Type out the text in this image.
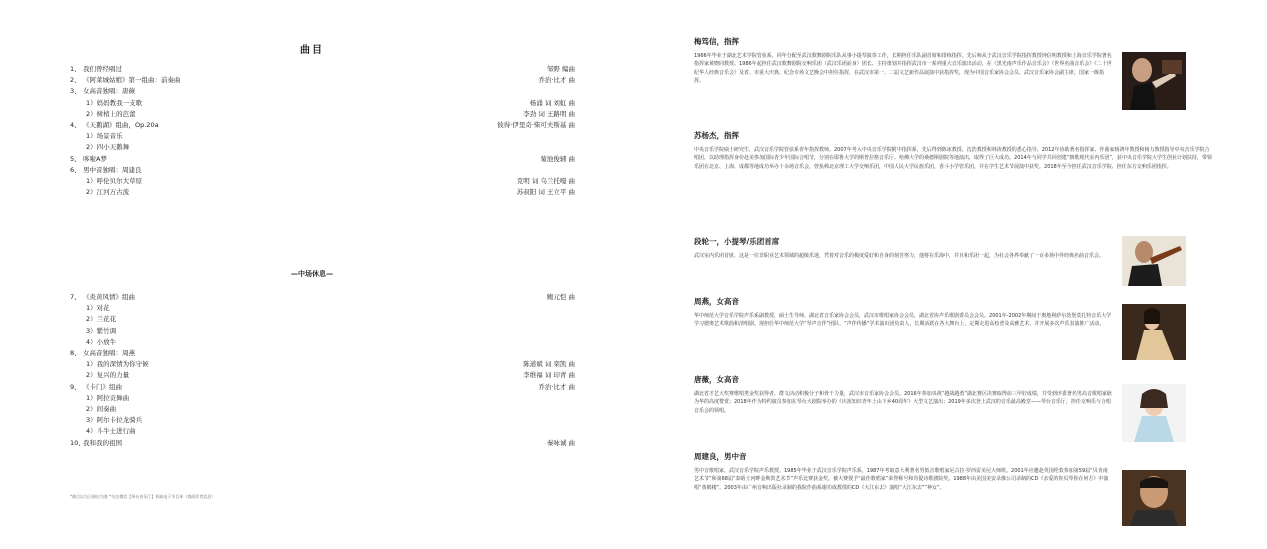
曲目
1、 我们曾经唱过	邹野 编曲
2、 《阿莱城姑娘》第一组曲：前奏曲	乔治·比才 曲
3、 女高音独唱：唐薇
1）妈妈教我一支歌	杨涌 词 刘虹 曲
2）树梢上的芭蕾	李劲 词 王路明 曲
4、 《天鹅湖》组曲，Op.20a	彼得·伊里奇·柴可夫斯基 曲
1）场景音乐
2）四小天鹅舞
5、 哆啦A梦	菊池俊辅 曲
6、 男中音独唱：周建良
1）呼伦贝尔大草原	克明 词 乌兰托嘎 曲
2）江河万古流	苏叔阳 词 王立平 曲
—中场休息—
7、 《炎黄风情》组曲	鲍元恺 曲
1）对花
2）兰花花
3）紫竹调
4）小放牛
8、 女高音独唱：周燕
1）我的深情为你守候	陈道斌 词 栾凯 曲
2）复兴的力量	李维福 词 印青 曲
9、 《卡门》组曲	乔治·比才 曲
1）阿拉贡舞曲
2）间奏曲
3）阿尔卡拉龙骑兵
4）斗牛士进行曲
10、我和我的祖国	秦咏诚 曲
*曲目以当日演出为准 *关注微信【琴台音乐厅】获取电子节目单（查阅作者信息）
梅笃信，指挥
1966年毕业于湖北艺术学院管弦系，同年分配至武汉歌舞剧院乐队从事小提琴演奏工作，长期担任乐队副首席和排练指挥。先后师从于武汉音乐学院指挥教授钟信明教授和上海音乐学院著名指挥家黄晓同教授。1986年起担任武汉歌舞剧院交响乐团（武汉乐团前身）团长、主持策划并指挥武汉市一系列重大音乐演出活动，在《黑光南声乐作品音乐会》《世界名曲音乐会》《二十世纪华人经典音乐会》及省、市重大庆典、纪念专场文艺晚会中担任指挥，在武汉市第一、二届文艺新作品展演中获指挥奖，现为中国音乐家协会会员、武汉音乐家协会副主席，国家一级指挥。
苏杨杰，指挥
中央音乐学院硕士研究生，武汉音乐学院管弦系青年指挥教师。2007年考入中央音乐学院附中指挥系，先后得到陈冰教授、沈浩教授和林涛教授的悉心指导。2012年协助著名指挥家、作曲家杨鸿年教授和杨力教授指导中央音乐学院合唱团，以助理指挥身份赴美参加国际青少年国际合唱节，分别在耶鲁大学的斯普拉格音乐厅、哈佛大学的桑德斯剧院等地演出，取得了巨大成功。2014年与同学共同创建“朝歌现代室内乐团”，获中央音乐学院大学生创业计划扶持，带领乐团在北京、上海、成都等地成功举办十余场音乐会，曾执棒北京理工大学交响乐团，中国人民大学民族乐团，香斗小学管乐团，并在学生艺术节展演中获奖。2018年至今担任武汉音乐学院、担任东方交响乐团指挥。
段轮一，小提琴/乐团首席
武汉室内乐团首席，这是一位非职业艺术领域的超级乐迷，凭着对音乐的极度爱好和自身的刻苦努力，他将在乐海中，并且和乐团一起，为社会各界奉献了一百多场中外经典名曲音乐会。
周燕，女高音
华中师范大学音乐学院声乐系副教授，硕士生导师。湖北省音乐家协会会员，武汉市歌唱家协会会员，湖北省协声乐歌剧委员会会员。2001年-2002年期间于奥地利萨尔茨堡莫扎特音乐大学学习德奥艺术歌曲和清唱剧。现担任华中师范大学“琴声音伴”团队、“声伴传播”学术演出团负责人，长期活跃在各大舞台上，定期走进高校普及高雅艺术，并开展多次声乐表演推广活动。
唐薇，女高音
湖北省才艺大奖赛歌唱类金奖获得者，群文活动积极分子和骨干力量，武汉市音乐家协会会员。2016年参加央视“越战越勇”湖北赛区决赛取得前三甲好成绩，并受到评委著名男高音歌唱家耿为华的高度赞赏；2018年作为特约演员参加在琴台大剧院举办的《庆祝知识青年上山下乡40周年》大型文艺演出；2019年多次登上武汉的音乐最高殿堂——琴台音乐厅，担任交响乐与合唱音乐会的领唱。
周建良，男中音
男中音歌唱家，武汉音乐学院声乐教授。1985年毕业于武汉音乐学院声乐系，1987年考取意大利著名男低音歌唱家尼古拉·罗西雷美尼大师班。2001年应邀赴英国伦敦参加第59届“贝肯南艺术节”和第68届“泰晤士河畔金斯敦艺术节”声乐比赛获金奖，被大赛授予“最佳歌唱家”荣誉称号和肯提诗歌剧院奖。1988年由美国美安录像公司录制的CD《亲爱的你贝琴你在何方》中演唱“黄鹤楼”。2003年由广州音响出版社录制的我院作曲系谢功成教授的CD《大江东去》演唱“大江东去”“神女”。
